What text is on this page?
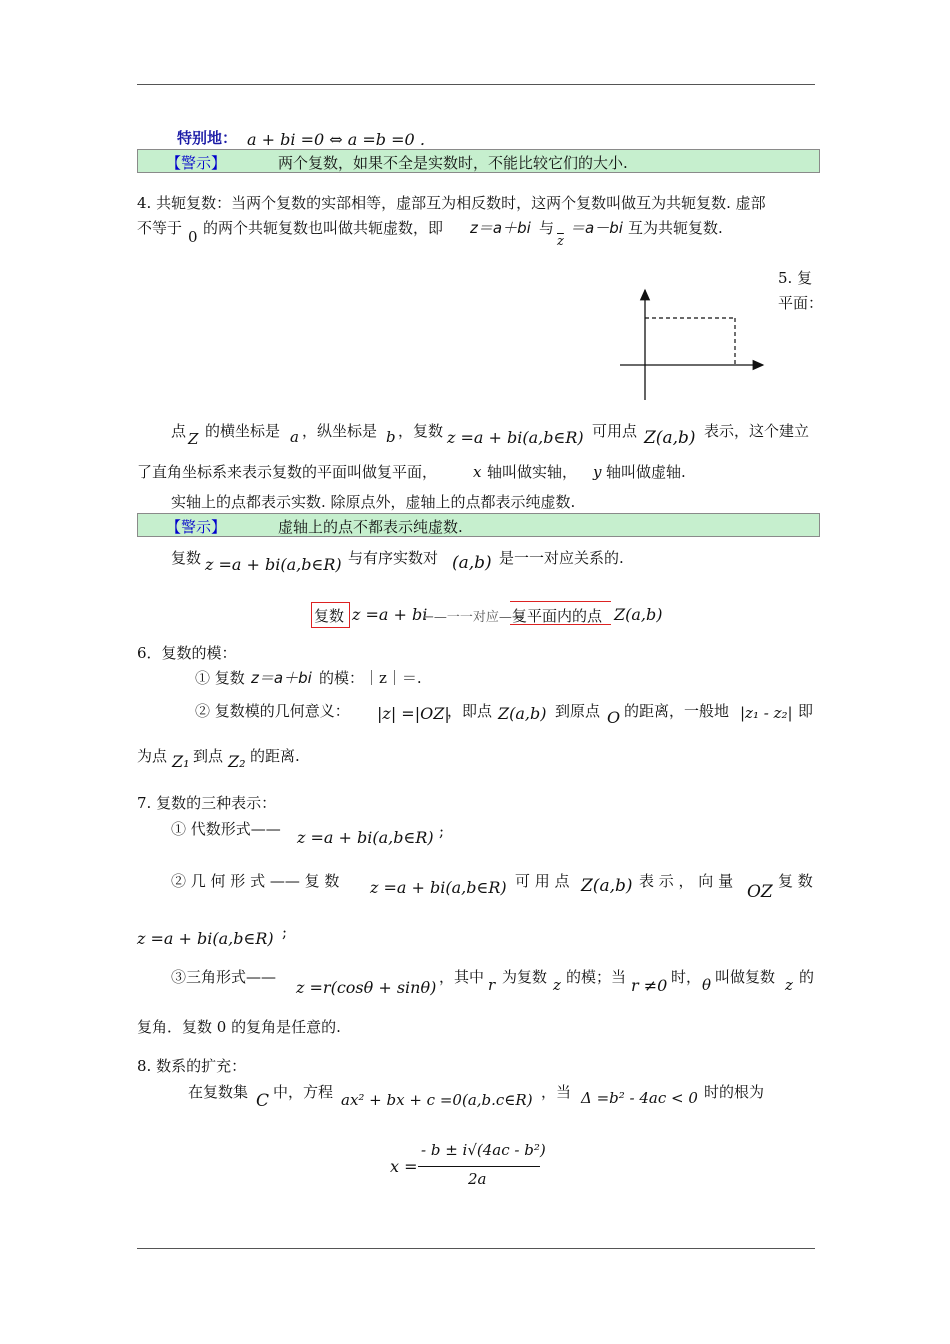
特别地： a + bi =0 ⇔ a =b =0 ．
【警示】	两个复数，如果不全是实数时，不能比较它们的大小.
4. 共轭复数：当两个复数的实部相等，虚部互为相反数时，这两个复数叫做互为共轭复数. 虚部
不等于 0 的两个共轭复数也叫做共轭虚数，即 z＝a＋bi 与
$\overline{z}$
＝a－bi 互为共轭复数.
5. 复
平面：
点 Z 的横坐标是 a ，纵坐标是 b ，复数 z =a + bi(a,b∈R) 可用点 Z(a,b) 表示，这个建立
了直角坐标系来表示复数的平面叫做复平面， x 轴叫做实轴， y 轴叫做虚轴.
实轴上的点都表示实数. 除原点外，虚轴上的点都表示纯虚数.
【警示】	虚轴上的点不都表示纯虚数.
复数 z =a + bi(a,b∈R) 与有序实数对 (a,b) 是一一对应关系的.
复数 z =a + bi
←—一一对应—→
复平面内的点 Z(a,b)
6．复数的模：
① 复数 z＝a＋bi 的模：｜z｜＝.
② 复数模的几何意义： |z| =|OZ|
，即点 Z(a,b) 到原点 O 的距离，一般地 |z₁ - z₂| 即
为点 Z₁ 到点 Z₂ 的距离.
7. 复数的三种表示：
① 代数形式—— z =a + bi(a,b∈R) ;
② 几 何 形 式 —— 复 数 z =a + bi(a,b∈R) 可 用 点 Z(a,b) 表 示 ， 向 量
OZ
复 数
z =a + bi(a,b∈R) ;
③三角形式——
z =r(cosθ + sinθ)
，其中 r 为复数 z 的模；当 r ≠0 时， θ 叫做复数 z 的
复角．复数 0 的复角是任意的.
8. 数系的扩充：
在复数集 C 中，方程 ax² + bx + c =0(a,b.c∈R) ，当 Δ =b² - 4ac < 0 时的根为
x =
- b ± i√(4ac - b²)
2a
